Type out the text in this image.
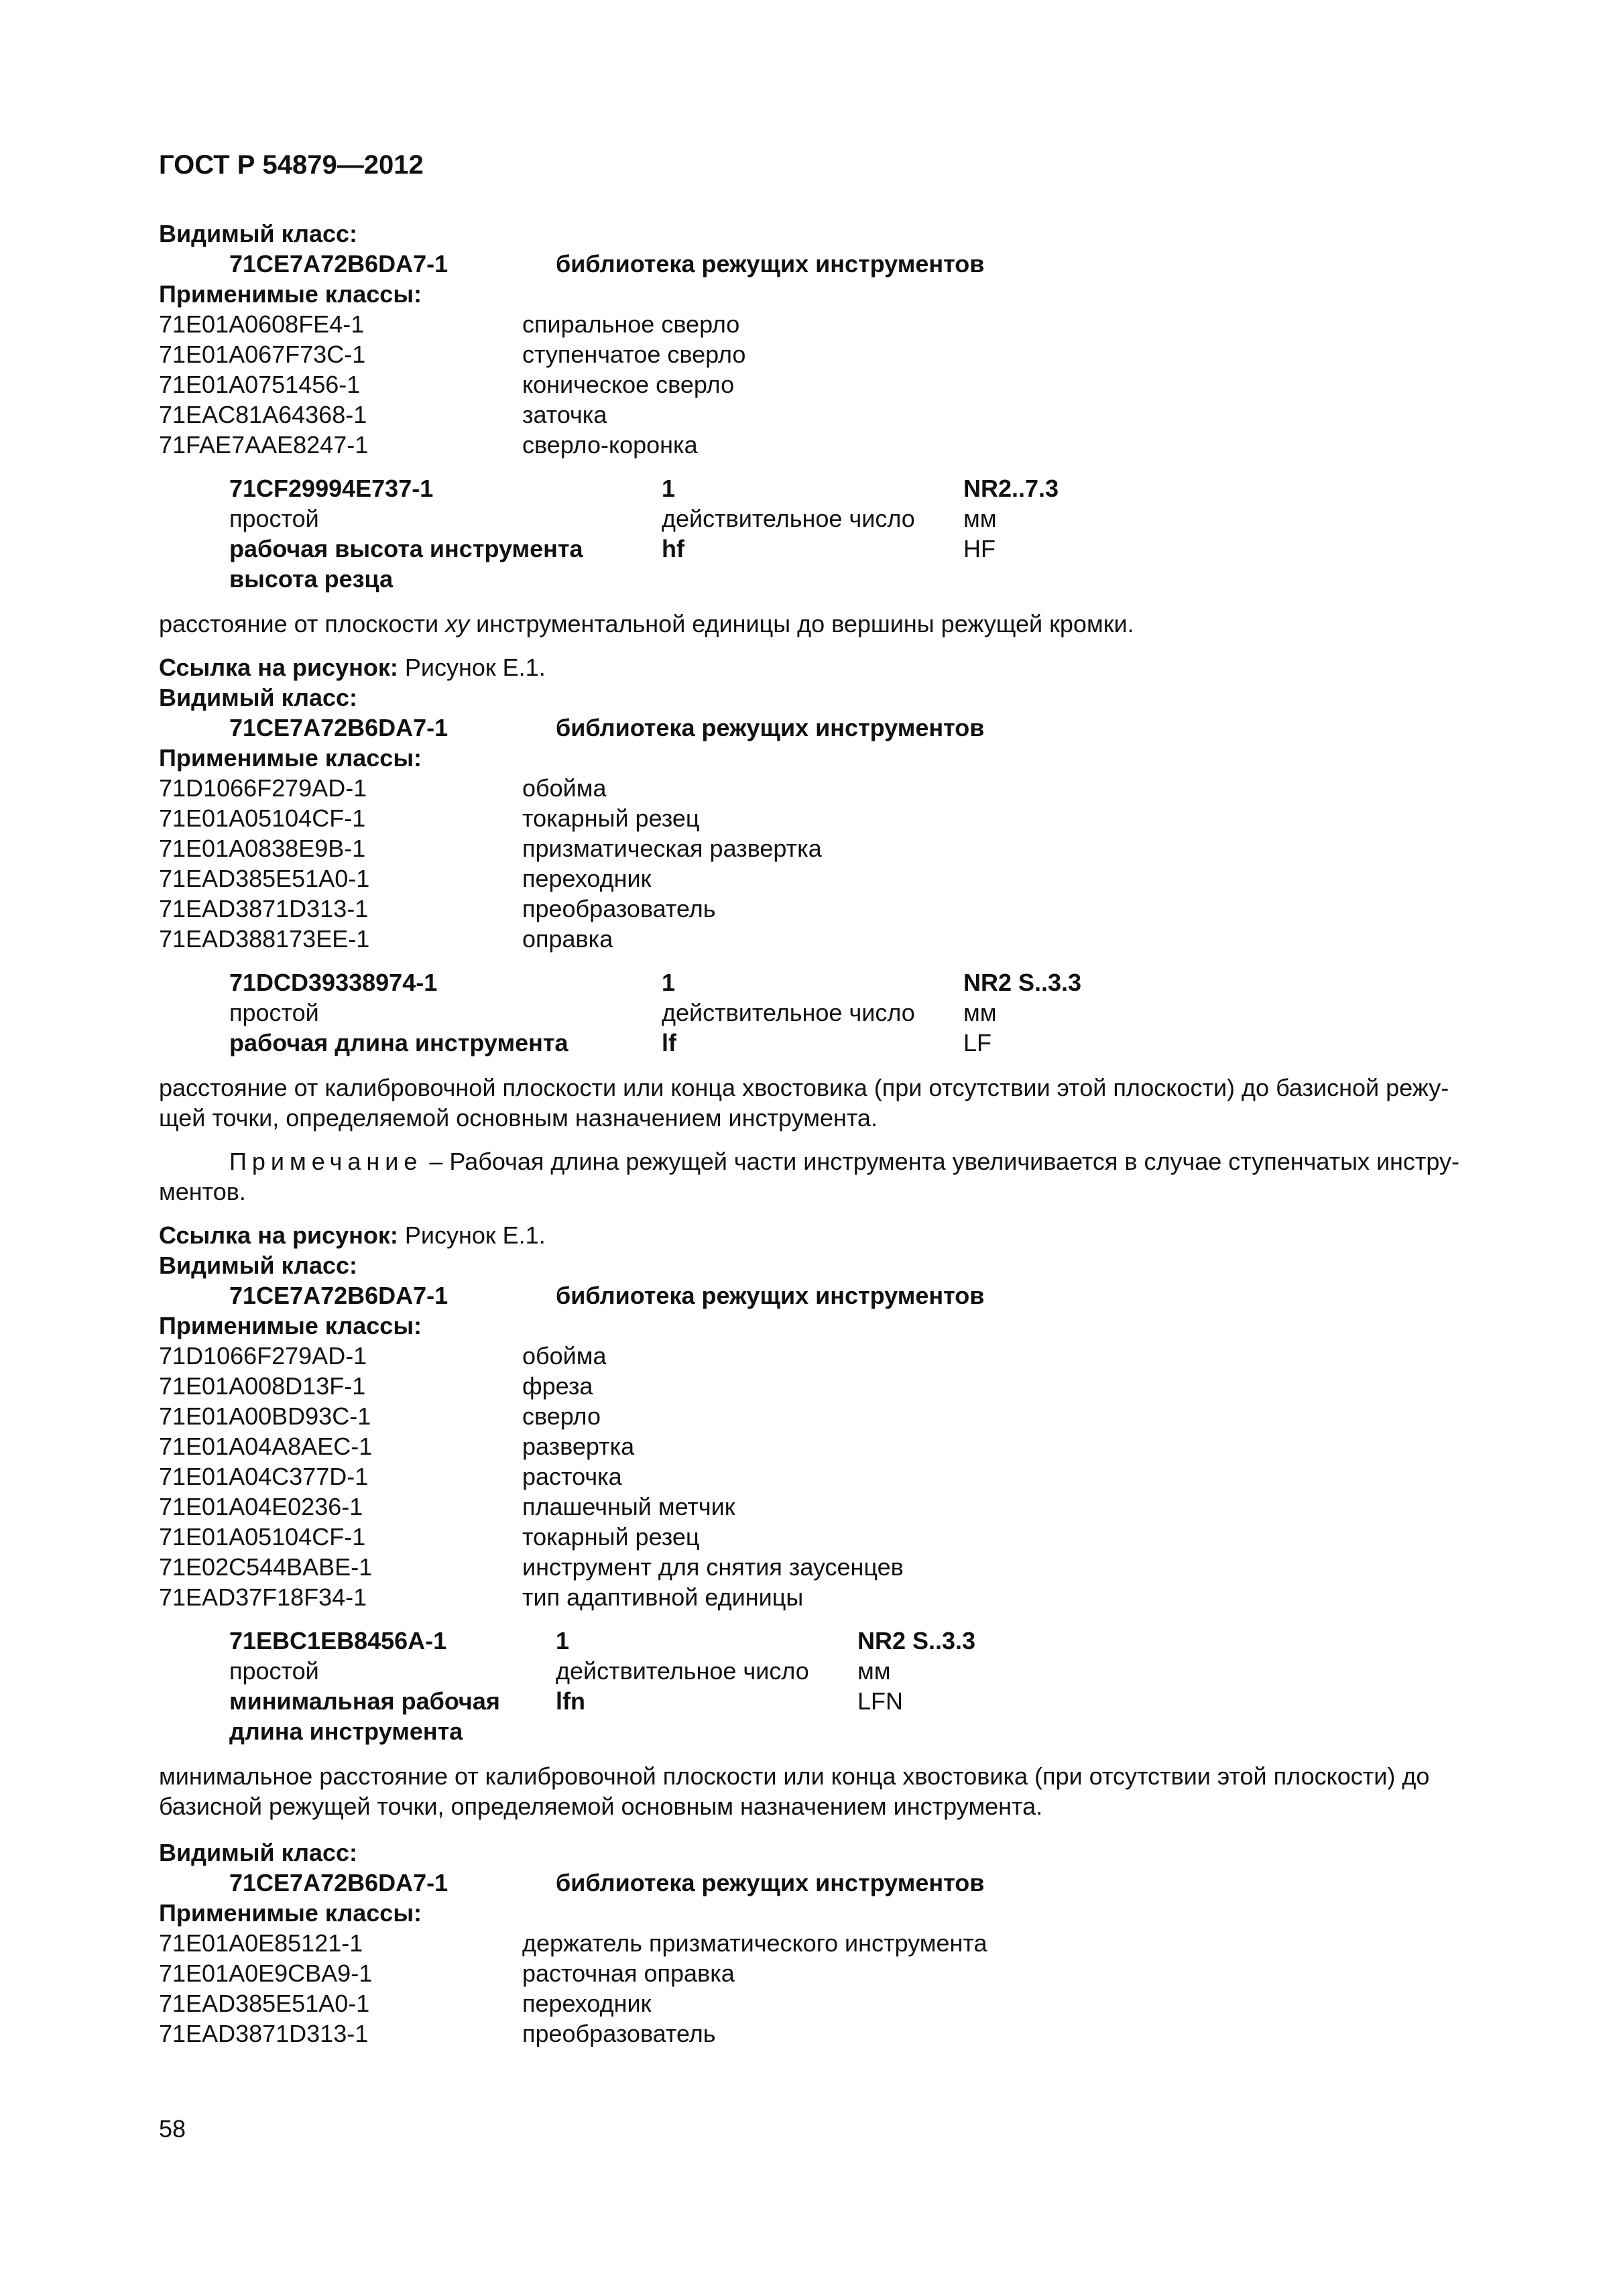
ГОСТ Р 54879—2012
Видимый класс:
71CE7A72B6DA7-1	библиотека режущих инструментов
Применимые классы:
71E01A0608FE4-1	спиральное сверло
71E01A067F73C-1	ступенчатое сверло
71E01A0751456-1	коническое сверло
71EAC81A64368-1	заточка
71FAE7AAE8247-1	сверло-коронка
71CF29994E737-1	1	NR2..7.3
простой	действительное число	мм
рабочая высота инструмента	hf	HF
высота резца
расстояние от плоскости xy инструментальной единицы до вершины режущей кромки.
Ссылка на рисунок: Рисунок Е.1.
Видимый класс:
71CE7A72B6DA7-1	библиотека режущих инструментов
Применимые классы:
71D1066F279AD-1	обойма
71E01A05104CF-1	токарный резец
71E01A0838E9B-1	призматическая развертка
71EAD385E51A0-1	переходник
71EAD3871D313-1	преобразователь
71EAD388173EE-1	оправка
71DCD39338974-1	1	NR2 S..3.3
простой	действительное число	мм
рабочая длина инструмента	lf	LF
расстояние от калибровочной плоскости или конца хвостовика (при отсутствии этой плоскости) до базисной режу-
щей точки, определяемой основным назначением инструмента.
Примечание – Рабочая длина режущей части инструмента увеличивается в случае ступенчатых инстру-
ментов.
Ссылка на рисунок: Рисунок Е.1.
Видимый класс:
71CE7A72B6DA7-1	библиотека режущих инструментов
Применимые классы:
71D1066F279AD-1	обойма
71E01A008D13F-1	фреза
71E01A00BD93C-1	сверло
71E01A04A8AEC-1	развертка
71E01A04C377D-1	расточка
71E01A04E0236-1	плашечный метчик
71E01A05104CF-1	токарный резец
71E02C544BABE-1	инструмент для снятия заусенцев
71EAD37F18F34-1	тип адаптивной единицы
71EBC1EB8456A-1	1	NR2 S..3.3
простой	действительное число	мм
минимальная рабочая	lfn	LFN
длина инструмента
минимальное расстояние от калибровочной плоскости или конца хвостовика (при отсутствии этой плоскости) до
базисной режущей точки, определяемой основным назначением инструмента.
Видимый класс:
71CE7A72B6DA7-1	библиотека режущих инструментов
Применимые классы:
71E01A0E85121-1	держатель призматического инструмента
71E01A0E9CBA9-1	расточная оправка
71EAD385E51A0-1	переходник
71EAD3871D313-1	преобразователь
58
